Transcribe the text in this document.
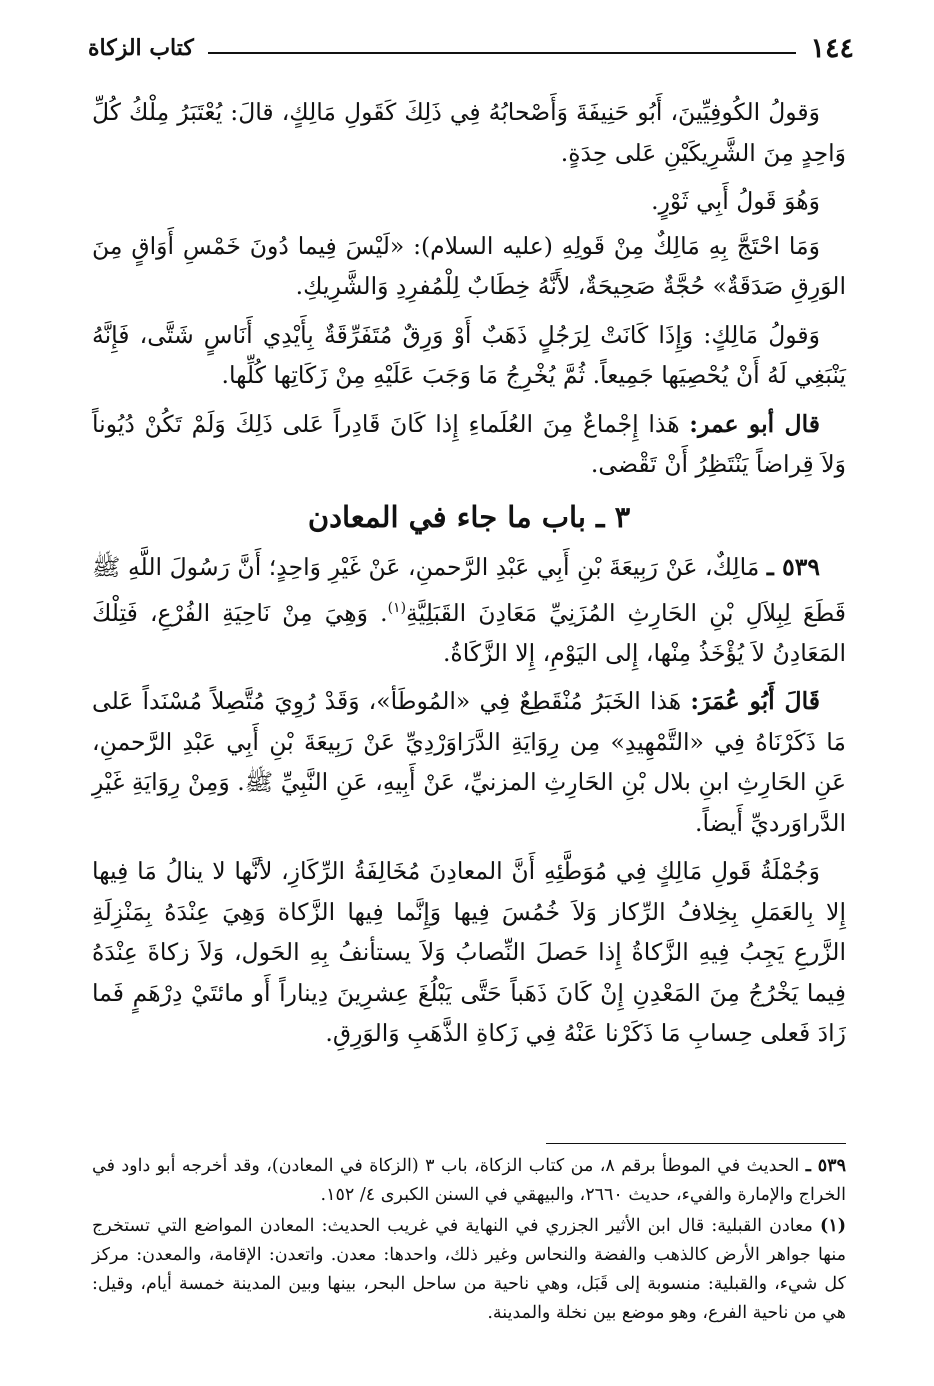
١٤٤
كتاب الزكاة

وَقولُ الكُوفِيِّينَ، أَبُو حَنِيفَةَ وَأَصْحابُهُ فِي ذَلِكَ كَقَولِ مَالِكٍ، قالَ: يُعْتَبَرُ مِلْكُ كُلِّ وَاحِدٍ مِنَ الشَّرِيكَيْنِ عَلى حِدَةٍ.

وَهُوَ قَولُ أَبِي ثَوْرٍ.

وَمَا احْتَجَّ بِهِ مَالِكٌ مِنْ قَولِهِ (عليه السلام): «لَيْسَ فِيما دُونَ خَمْسِ أَوَاقٍ مِنَ الوَرِقِ صَدَقَةٌ» حُجَّةٌ صَحِيحَةٌ، لأَنَّهُ خِطَابٌ لِلْمُفرِدِ وَالشَّرِيكِ.

وَقولُ مَالِكٍ: وَإِذَا كَانَتْ لِرَجُلٍ ذَهَبٌ أَوْ وَرِقٌ مُتَفَرِّقَةٌ بِأَيْدِي أَنَاسٍ شَتَّى، فَإِنَّهُ يَنْبَغِي لَهُ أَنْ يُحْصِيَها جَمِيعاً. ثُمَّ يُخْرِجُ مَا وَجَبَ عَلَيْهِ مِنْ زَكَاتِها كُلِّها.

قال أبو عمر: هَذا إِجْماعٌ مِنَ العُلَماءِ إِذا كَانَ قَادِراً عَلى ذَلِكَ وَلَمْ تَكُنْ دُيُوناً وَلاَ قِراضاً يَنْتَظِرُ أَنْ تَقْضى.

٣ ـ باب ما جاء في المعادن

٥٣٩ ـ مَالِكٌ، عَنْ رَبِيعَةَ بْنِ أَبِي عَبْدِ الرَّحمنِ، عَنْ غَيْرِ وَاحِدٍ؛ أَنَّ رَسُولَ اللَّهِ ﷺ قَطَعَ لِبِلاَلِ بْنِ الحَارِثِ المُزَنِيِّ مَعَادِنَ القَبَلِيَّةِ$^{(١)}$. وَهِيَ مِنْ نَاحِيَةِ الفُرْعِ، فَتِلْكَ المَعَادِنُ لاَ يُؤْخَذُ مِنْها، إِلى اليَوْمِ، إِلا الزَّكَاةُ.

قَالَ أَبُو عُمَرَ: هَذا الخَبَرُ مُنْقَطِعٌ فِي «المُوطَأ»، وَقَدْ رُوِيَ مُتَّصِلاً مُسْنَداً عَلى مَا ذَكَرْنَاهُ فِي «التَّمْهِيدِ» مِن رِوَايَةِ الدَّرَاوَرْدِيِّ عَنْ رَبِيعَةَ بْنِ أَبِي عَبْدِ الرَّحمنِ، عَنِ الحَارِثِ ابنِ بلال بْنِ الحَارِثِ المزنيِّ، عَنْ أَبِيهِ، عَنِ النَّبِيِّ ﷺ. وَمِنْ رِوَايَةِ غَيْرِ الدَّراوَرديِّ أَيضاً.

وَجُمْلَةُ قَولِ مَالِكٍ فِي مُوَطَّئِهِ أَنَّ المعادِنَ مُخَالِفَةُ الرِّكَازِ، لأنَّها لا ينالُ مَا فِيها إِلا بِالعَمَلِ بِخِلافُ الرِّكاز وَلاَ خُمُسَ فِيها وَإِنَّما فِيها الزَّكاة وَهِيَ عِنْدَهُ بِمَنْزِلَةِ الزَّرعِ يَجِبُ فِيهِ الزَّكاةُ إِذا حَصلَ النِّصابُ وَلاَ يستأنفُ بِهِ الحَول، وَلاَ زكاةَ عِنْدَهُ فِيما يَخْرُجُ مِنَ المَعْدِنِ إِنْ كَانَ ذَهَباً حَتَّى يَبْلُغَ عِشرِينَ دِيناراً أَو مائتَيْ دِرْهَمٍ فَما زَادَ فَعلى حِسابِ مَا ذَكَرْنا عَنْهُ فِي زَكاةِ الذَّهَبِ وَالوَرِقِ.

٥٣٩ ـ الحديث في الموطأ برقم ٨، من كتاب الزكاة، باب ٣ (الزكاة في المعادن)، وقد أخرجه أبو داود في الخراج والإمارة والفيء، حديث ٢٦٦٠، والبيهقي في السنن الكبرى ٤/ ١٥٢.

(١) معادن القبلية: قال ابن الأثير الجزري في النهاية في غريب الحديث: المعادن المواضع التي تستخرج منها جواهر الأرض كالذهب والفضة والنحاس وغير ذلك، واحدها: معدن. واتعدن: الإقامة، والمعدن: مركز كل شيء، والقبلية: منسوبة إلى قَبَل، وهي ناحية من ساحل البحر، بينها وبين المدينة خمسة أيام، وقيل: هي من ناحية الفرع، وهو موضع بين نخلة والمدينة.
